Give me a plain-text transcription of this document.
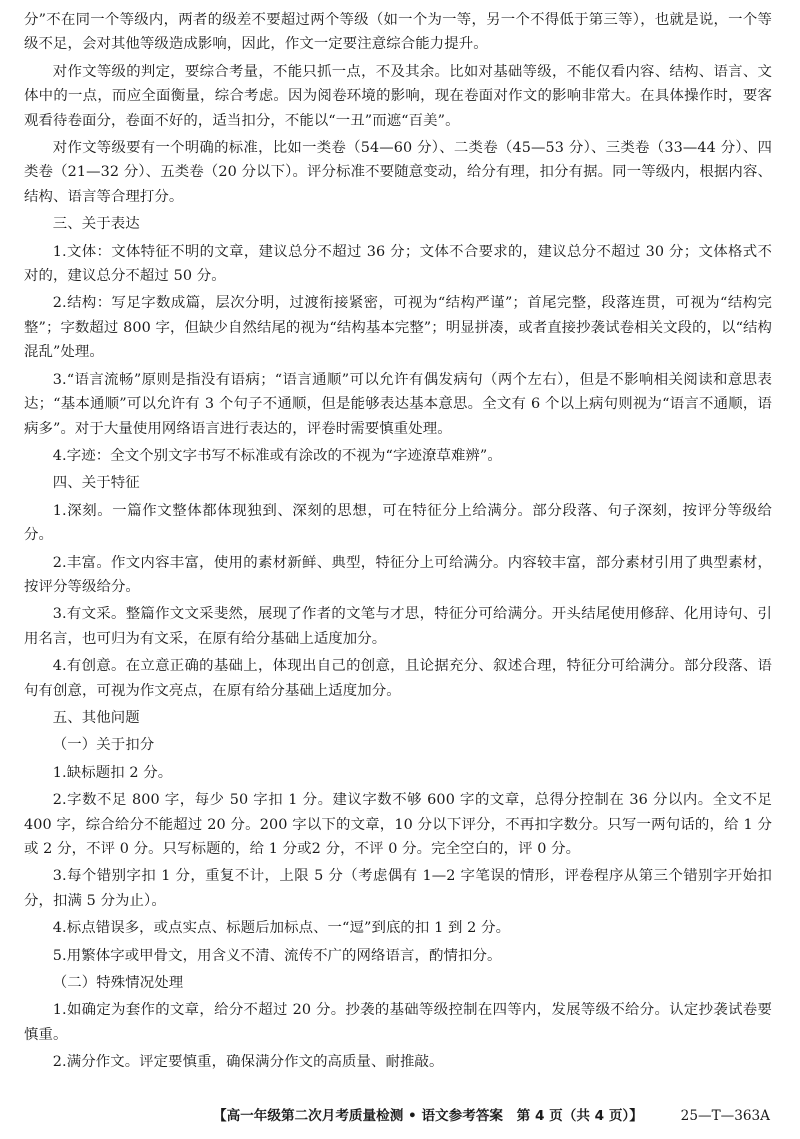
分”不在同一个等级内，两者的级差不要超过两个等级（如一个为一等，另一个不得低于第三等），也就是说，一个等级不足，会对其他等级造成影响，因此，作文一定要注意综合能力提升。

对作文等级的判定，要综合考量，不能只抓一点，不及其余。比如对基础等级，不能仅看内容、结构、语言、文体中的一点，而应全面衡量，综合考虑。因为阅卷环境的影响，现在卷面对作文的影响非常大。在具体操作时，要客观看待卷面分，卷面不好的，适当扣分，不能以“一丑”而遮“百美”。

对作文等级要有一个明确的标准，比如一类卷（54—60 分）、二类卷（45—53 分）、三类卷（33—44 分）、四类卷（21—32 分）、五类卷（20 分以下）。评分标准不要随意变动，给分有理，扣分有据。同一等级内，根据内容、结构、语言等合理打分。

三、关于表达

1.文体：文体特征不明的文章，建议总分不超过 36 分；文体不合要求的，建议总分不超过 30 分；文体格式不对的，建议总分不超过 50 分。

2.结构：写足字数成篇，层次分明，过渡衔接紧密，可视为“结构严谨”；首尾完整，段落连贯，可视为“结构完整”；字数超过 800 字，但缺少自然结尾的视为“结构基本完整”；明显拼凑，或者直接抄袭试卷相关文段的，以“结构混乱”处理。

3.“语言流畅”原则是指没有语病；“语言通顺”可以允许有偶发病句（两个左右），但是不影响相关阅读和意思表达；“基本通顺”可以允许有 3 个句子不通顺，但是能够表达基本意思。全文有 6 个以上病句则视为“语言不通顺，语病多”。对于大量使用网络语言进行表达的，评卷时需要慎重处理。

4.字迹：全文个别文字书写不标准或有涂改的不视为“字迹潦草难辨”。

四、关于特征

1.深刻。一篇作文整体都体现独到、深刻的思想，可在特征分上给满分。部分段落、句子深刻，按评分等级给分。

2.丰富。作文内容丰富，使用的素材新鲜、典型，特征分上可给满分。内容较丰富，部分素材引用了典型素材，按评分等级给分。

3.有文采。整篇作文文采斐然，展现了作者的文笔与才思，特征分可给满分。开头结尾使用修辞、化用诗句、引用名言，也可归为有文采，在原有给分基础上适度加分。

4.有创意。在立意正确的基础上，体现出自己的创意，且论据充分、叙述合理，特征分可给满分。部分段落、语句有创意，可视为作文亮点，在原有给分基础上适度加分。

五、其他问题

（一）关于扣分

1.缺标题扣 2 分。

2.字数不足 800 字，每少 50 字扣 1 分。建议字数不够 600 字的文章，总得分控制在 36 分以内。全文不足 400 字，综合给分不能超过 20 分。200 字以下的文章，10 分以下评分，不再扣字数分。只写一两句话的，给 1 分或 2 分，不评 0 分。只写标题的，给 1 分或2 分，不评 0 分。完全空白的，评 0 分。

3.每个错别字扣 1 分，重复不计，上限 5 分（考虑偶有 1—2 字笔误的情形，评卷程序从第三个错别字开始扣分，扣满 5 分为止）。

4.标点错误多，或点实点、标题后加标点、一“逗”到底的扣 1 到 2 分。

5.用繁体字或甲骨文，用含义不清、流传不广的网络语言，酌情扣分。

（二）特殊情况处理

1.如确定为套作的文章，给分不超过 20 分。抄袭的基础等级控制在四等内，发展等级不给分。认定抄袭试卷要慎重。

2.满分作文。评定要慎重，确保满分作文的高质量、耐推敲。

【高一年级第二次月考质量检测 • 语文参考答案　第 4 页（共 4 页）】	25—T—363A
